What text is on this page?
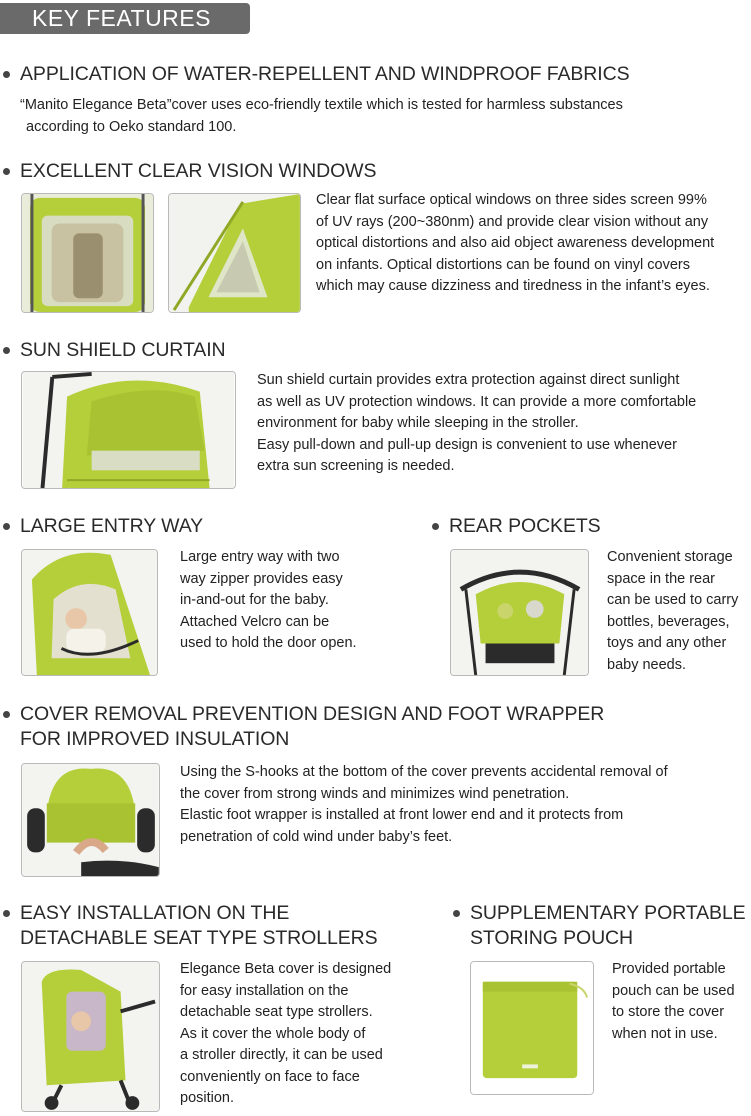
KEY FEATURES
APPLICATION OF WATER-REPELLENT AND WINDPROOF FABRICS
“Manito Elegance Beta”cover uses eco-friendly textile which is tested for harmless substances
according to Oeko standard 100.
EXCELLENT CLEAR VISION WINDOWS
Clear flat surface optical windows on three sides screen 99%
of UV rays (200~380nm) and provide clear vision without any
optical distortions and also aid object awareness development
on infants. Optical distortions can be found on vinyl covers
which may cause dizziness and tiredness in the infant’s eyes.
SUN SHIELD CURTAIN
Sun shield curtain provides extra protection against direct sunlight
as well as UV protection windows. It can provide a more comfortable
environment for baby while sleeping in the stroller.
Easy pull-down and pull-up design is convenient to use whenever
extra sun screening is needed.
LARGE ENTRY WAY
Large entry way with two
way zipper provides easy
in-and-out for the baby.
Attached Velcro can be
used to hold the door open.
REAR POCKETS
Convenient storage
space in the rear
can be used to carry
bottles, beverages,
toys and any other
baby needs.
COVER REMOVAL PREVENTION DESIGN AND FOOT WRAPPER
FOR IMPROVED INSULATION
Using the S-hooks at the bottom of the cover prevents accidental removal of
the cover from strong winds and minimizes wind penetration.
Elastic foot wrapper is installed at front lower end and it protects from
penetration of cold wind under baby’s feet.
EASY INSTALLATION ON THE
DETACHABLE SEAT TYPE STROLLERS
Elegance Beta cover is designed
for easy installation on the
detachable seat type strollers.
As it cover the whole body of
a stroller directly, it can be used
conveniently on face to face
position.
SUPPLEMENTARY PORTABLE
STORING POUCH
Provided portable
pouch can be used
to store the cover
when not in use.
